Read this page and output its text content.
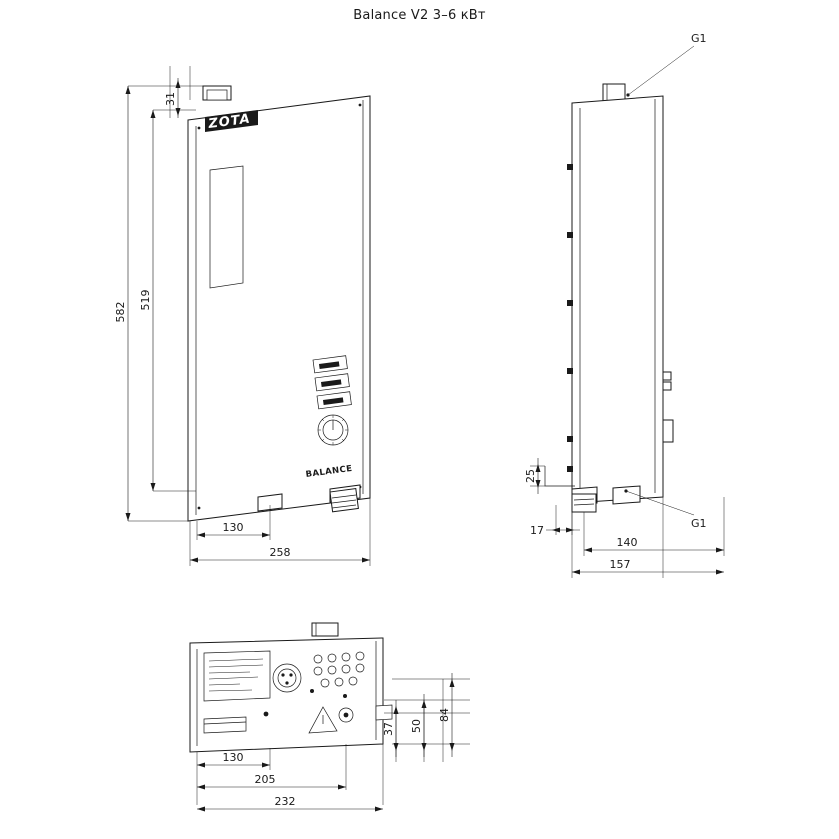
Balance V2 3–6 кВт
ZOTA
BALANCE
582
519
31
130
258
G1
G1
25
17
140
157
130
205
232
37 50
84
